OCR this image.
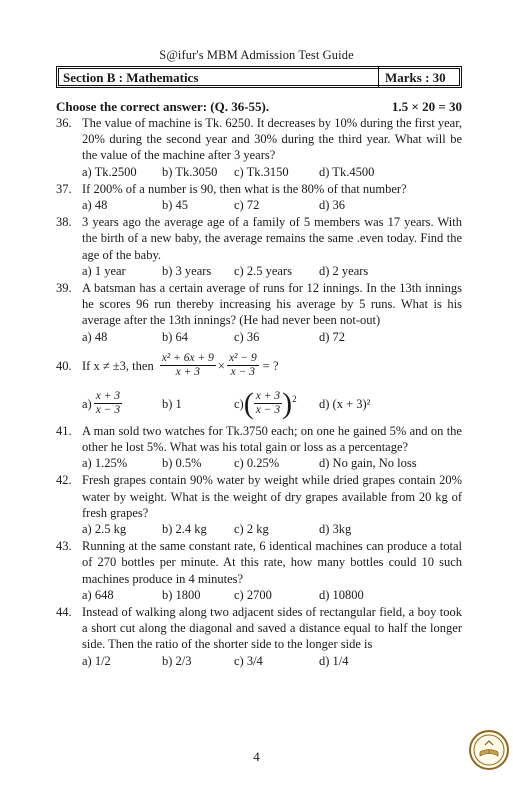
S@ifur's MBM Admission Test Guide
Section B : Mathematics	Marks : 30
Choose the correct answer: (Q. 36-55).	1.5 × 20 = 30
36. The value of machine is Tk. 6250. It decreases by 10% during the first year, 20% during the second year and 30% during the third year. What will be the value of the machine after 3 years?
a) Tk.2500	b) Tk.3050	c) Tk.3150	d) Tk.4500
37. If 200% of a number is 90, then what is the 80% of that number?
a) 48	b) 45	c) 72	d) 36
38. 3 years ago the average age of a family of 5 members was 17 years. With the birth of a new baby, the average remains the same .even today. Find the age of the baby.
a) 1 year	b) 3 years	c) 2.5 years	d) 2 years
39. A batsman has a certain average of runs for 12 innings. In the 13th innings he scores 96 run thereby increasing his average by 5 runs. What is his average after the 13th innings? (He had never been not-out)
a) 48	b) 64	c) 36	d) 72
40. If x ≠ ±3, then $\frac{\text{x² + 6x + 9}}{x + 3} \times \frac{\text{x² − 9}}{x - 3}$ = ?
$a) \frac{x + 3}{x - 3}$	b) 1	c) ( $\frac{x + 3}{x - 3} )^2$ d) (x + 3)²
41. A man sold two watches for Tk.3750 each; on one he gained 5% and on the other he lost 5%. What was his total gain or loss as a percentage?
a) 1.25%	b) 0.5%	c) 0.25%	d) No gain, No loss
42. Fresh grapes contain 90% water by weight while dried grapes contain 20% water by weight. What is the weight of dry grapes available from 20 kg of fresh grapes?
a) 2.5 kg	b) 2.4 kg	c) 2 kg	d) 3kg
43. Running at the same constant rate, 6 identical machines can produce a total of 270 bottles per minute. At this rate, how many bottles could 10 such machines produce in 4 minutes?
a) 648	b) 1800	c) 2700	d) 10800
44. Instead of walking along two adjacent sides of rectangular field, a boy took a short cut along the diagonal and saved a distance equal to half the longer side. Then the ratio of the shorter side to the longer side is
a) 1/2	b) 2/3	c) 3/4	d) 1/4
4
